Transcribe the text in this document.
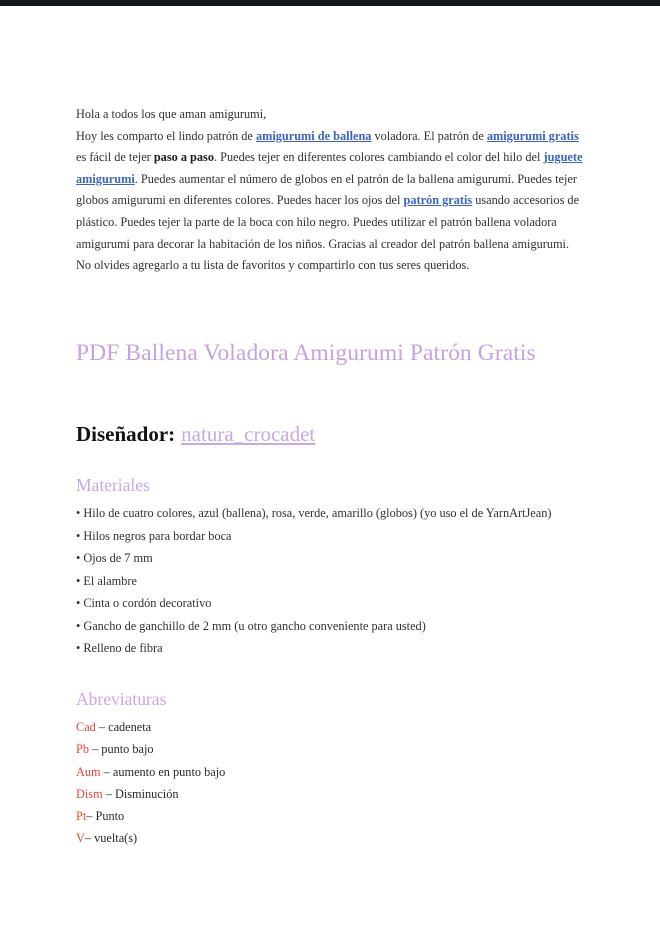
Hola a todos los que aman amigurumi,
Hoy les comparto el lindo patrón de amigurumi de ballena voladora. El patrón de amigurumi gratis es fácil de tejer paso a paso. Puedes tejer en diferentes colores cambiando el color del hilo del juguete amigurumi. Puedes aumentar el número de globos en el patrón de la ballena amigurumi. Puedes tejer globos amigurumi en diferentes colores. Puedes hacer los ojos del patrón gratis usando accesorios de plástico. Puedes tejer la parte de la boca con hilo negro. Puedes utilizar el patrón ballena voladora amigurumi para decorar la habitación de los niños. Gracias al creador del patrón ballena amigurumi. No olvides agregarlo a tu lista de favoritos y compartirlo con tus seres queridos.

PDF Ballena Voladora Amigurumi Patrón Gratis
Diseñador: natura_crocadet
Materiales
• Hilo de cuatro colores, azul (ballena), rosa, verde, amarillo (globos) (yo uso el de YarnArtJean)
• Hilos negros para bordar boca
• Ojos de 7 mm
• El alambre
• Cinta o cordón decorativo
• Gancho de ganchillo de 2 mm (u otro gancho conveniente para usted)
• Relleno de fibra
Abreviaturas
Cad – cadeneta
Pb – punto bajo
Aum – aumento en punto bajo
Dism – Disminución
Pt– Punto
V– vuelta(s)
